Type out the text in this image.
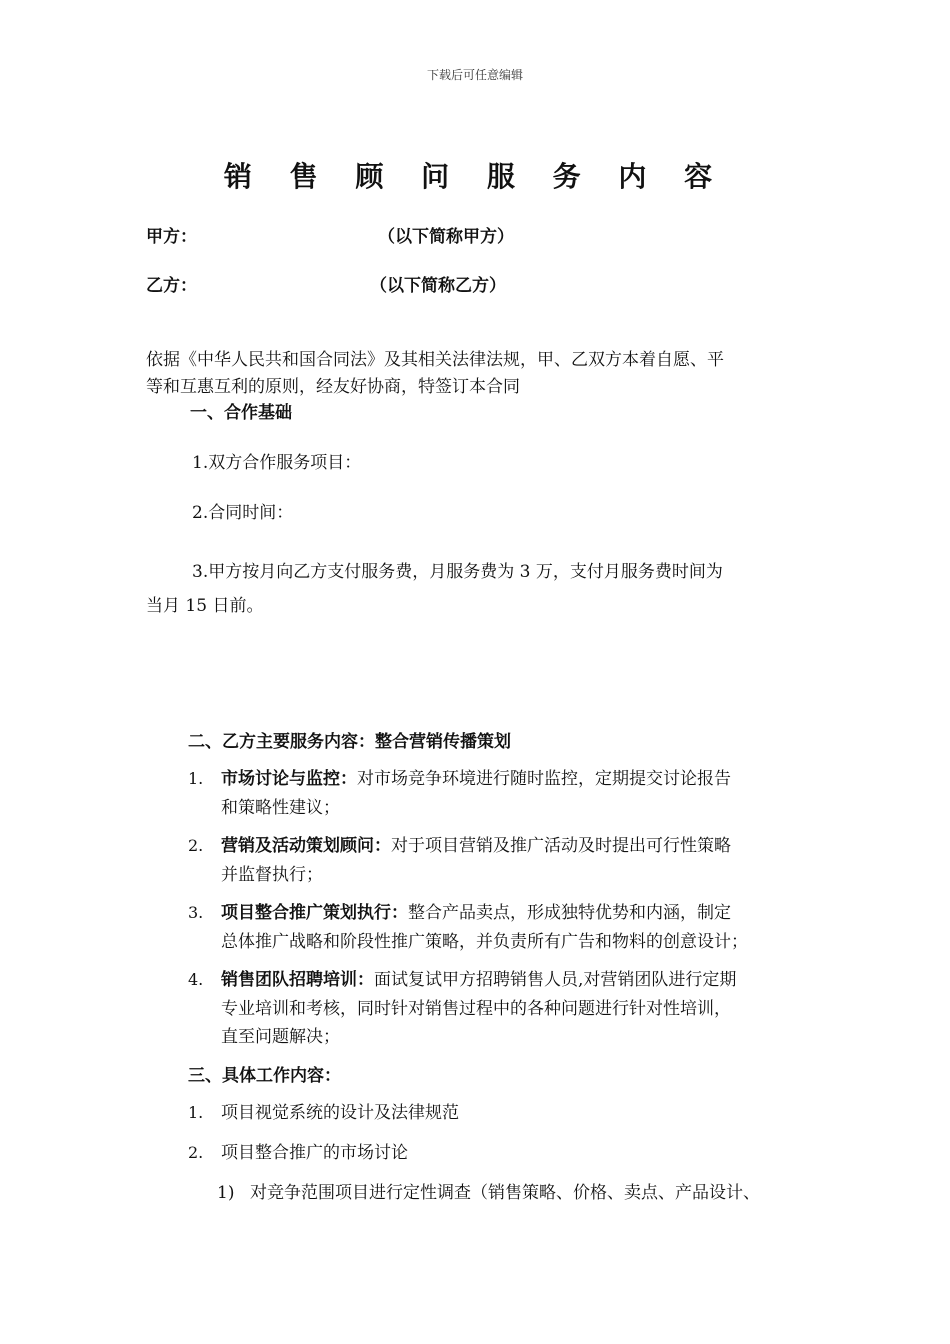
下载后可任意编辑
销 售 顾 问 服 务 内 容
甲方：	（以下简称甲方）
乙方：	（以下简称乙方）
依据《中华人民共和国合同法》及其相关法律法规，甲、乙双方本着自愿、平
等和互惠互利的原则，经友好协商，特签订本合同
一、合作基础
1.双方合作服务项目：
2.合同时间：
3.甲方按月向乙方支付服务费，月服务费为 3 万，支付月服务费时间为
当月 15 日前。
二、乙方主要服务内容：整合营销传播策划
1. 市场讨论与监控：对市场竞争环境进行随时监控，定期提交讨论报告
和策略性建议；
2. 营销及活动策划顾问：对于项目营销及推广活动及时提出可行性策略
并监督执行；
3. 项目整合推广策划执行：整合产品卖点，形成独特优势和内涵，制定
总体推广战略和阶段性推广策略，并负责所有广告和物料的创意设计；
4. 销售团队招聘培训：面试复试甲方招聘销售人员,对营销团队进行定期
专业培训和考核，同时针对销售过程中的各种问题进行针对性培训，
直至问题解决；
三、具体工作内容：
1. 项目视觉系统的设计及法律规范
2. 项目整合推广的市场讨论
1) 对竞争范围项目进行定性调查（销售策略、价格、卖点、产品设计、
